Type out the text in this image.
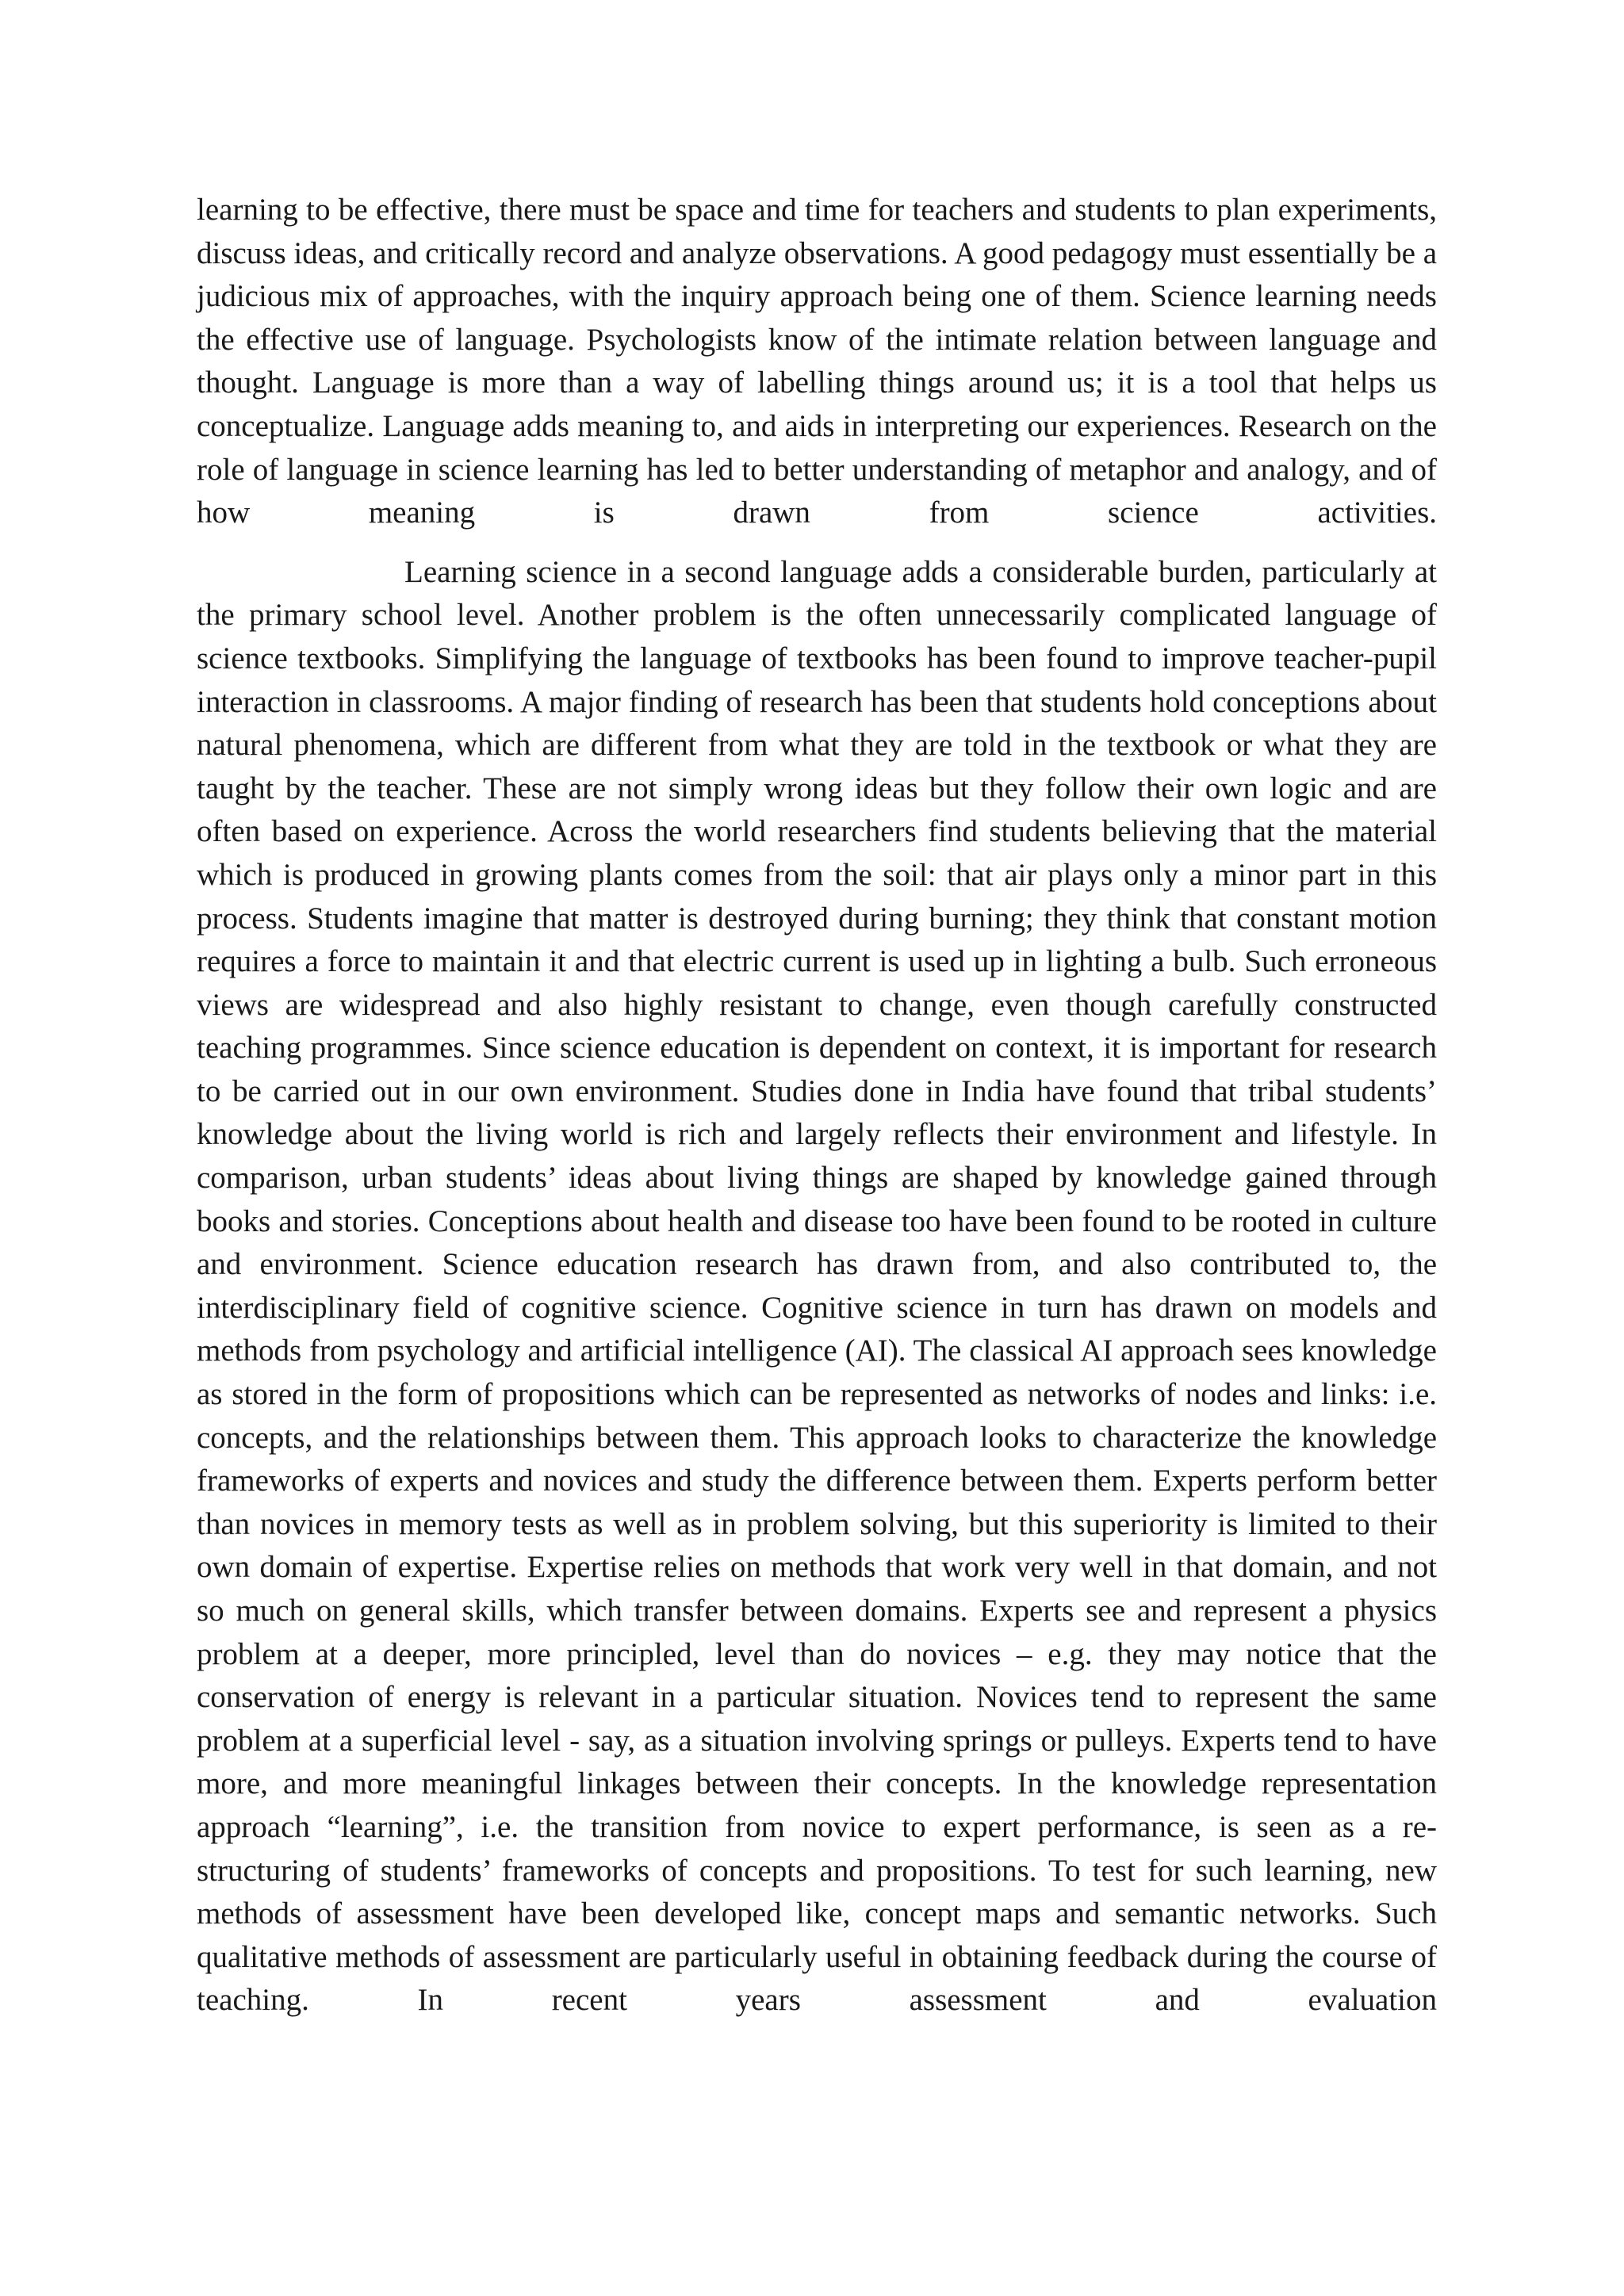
learning to be effective, there must be space and time for teachers and students to plan experiments, discuss ideas, and critically record and analyze observations. A good pedagogy must essentially be a judicious mix of approaches, with the inquiry approach being one of them. Science learning needs the effective use of language. Psychologists know of the intimate relation between language and thought. Language is more than a way of labelling things around us; it is a tool that helps us conceptualize. Language adds meaning to, and aids in interpreting our experiences. Research on the role of language in science learning has led to better understanding of metaphor and analogy, and of how meaning is drawn from science activities.

Learning science in a second language adds a considerable burden, particularly at the primary school level. Another problem is the often unnecessarily complicated language of science textbooks. Simplifying the language of textbooks has been found to improve teacher-pupil interaction in classrooms. A major finding of research has been that students hold conceptions about natural phenomena, which are different from what they are told in the textbook or what they are taught by the teacher. These are not simply wrong ideas but they follow their own logic and are often based on experience. Across the world researchers find students believing that the material which is produced in growing plants comes from the soil: that air plays only a minor part in this process. Students imagine that matter is destroyed during burning; they think that constant motion requires a force to maintain it and that electric current is used up in lighting a bulb. Such erroneous views are widespread and also highly resistant to change, even though carefully constructed teaching programmes. Since science education is dependent on context, it is important for research to be carried out in our own environment. Studies done in India have found that tribal students’ knowledge about the living world is rich and largely reflects their environment and lifestyle. In comparison, urban students’ ideas about living things are shaped by knowledge gained through books and stories. Conceptions about health and disease too have been found to be rooted in culture and environment. Science education research has drawn from, and also contributed to, the interdisciplinary field of cognitive science. Cognitive science in turn has drawn on models and methods from psychology and artificial intelligence (AI). The classical AI approach sees knowledge as stored in the form of propositions which can be represented as networks of nodes and links: i.e. concepts, and the relationships between them. This approach looks to characterize the knowledge frameworks of experts and novices and study the difference between them. Experts perform better than novices in memory tests as well as in problem solving, but this superiority is limited to their own domain of expertise. Expertise relies on methods that work very well in that domain, and not so much on general skills, which transfer between domains. Experts see and represent a physics problem at a deeper, more principled, level than do novices – e.g. they may notice that the conservation of energy is relevant in a particular situation. Novices tend to represent the same problem at a superficial level - say, as a situation involving springs or pulleys. Experts tend to have more, and more meaningful linkages between their concepts. In the knowledge representation approach “learning”, i.e. the transition from novice to expert performance, is seen as a re-structuring of students’ frameworks of concepts and propositions. To test for such learning, new methods of assessment have been developed like, concept maps and semantic networks. Such qualitative methods of assessment are particularly useful in obtaining feedback during the course of teaching. In recent years assessment and evaluation
